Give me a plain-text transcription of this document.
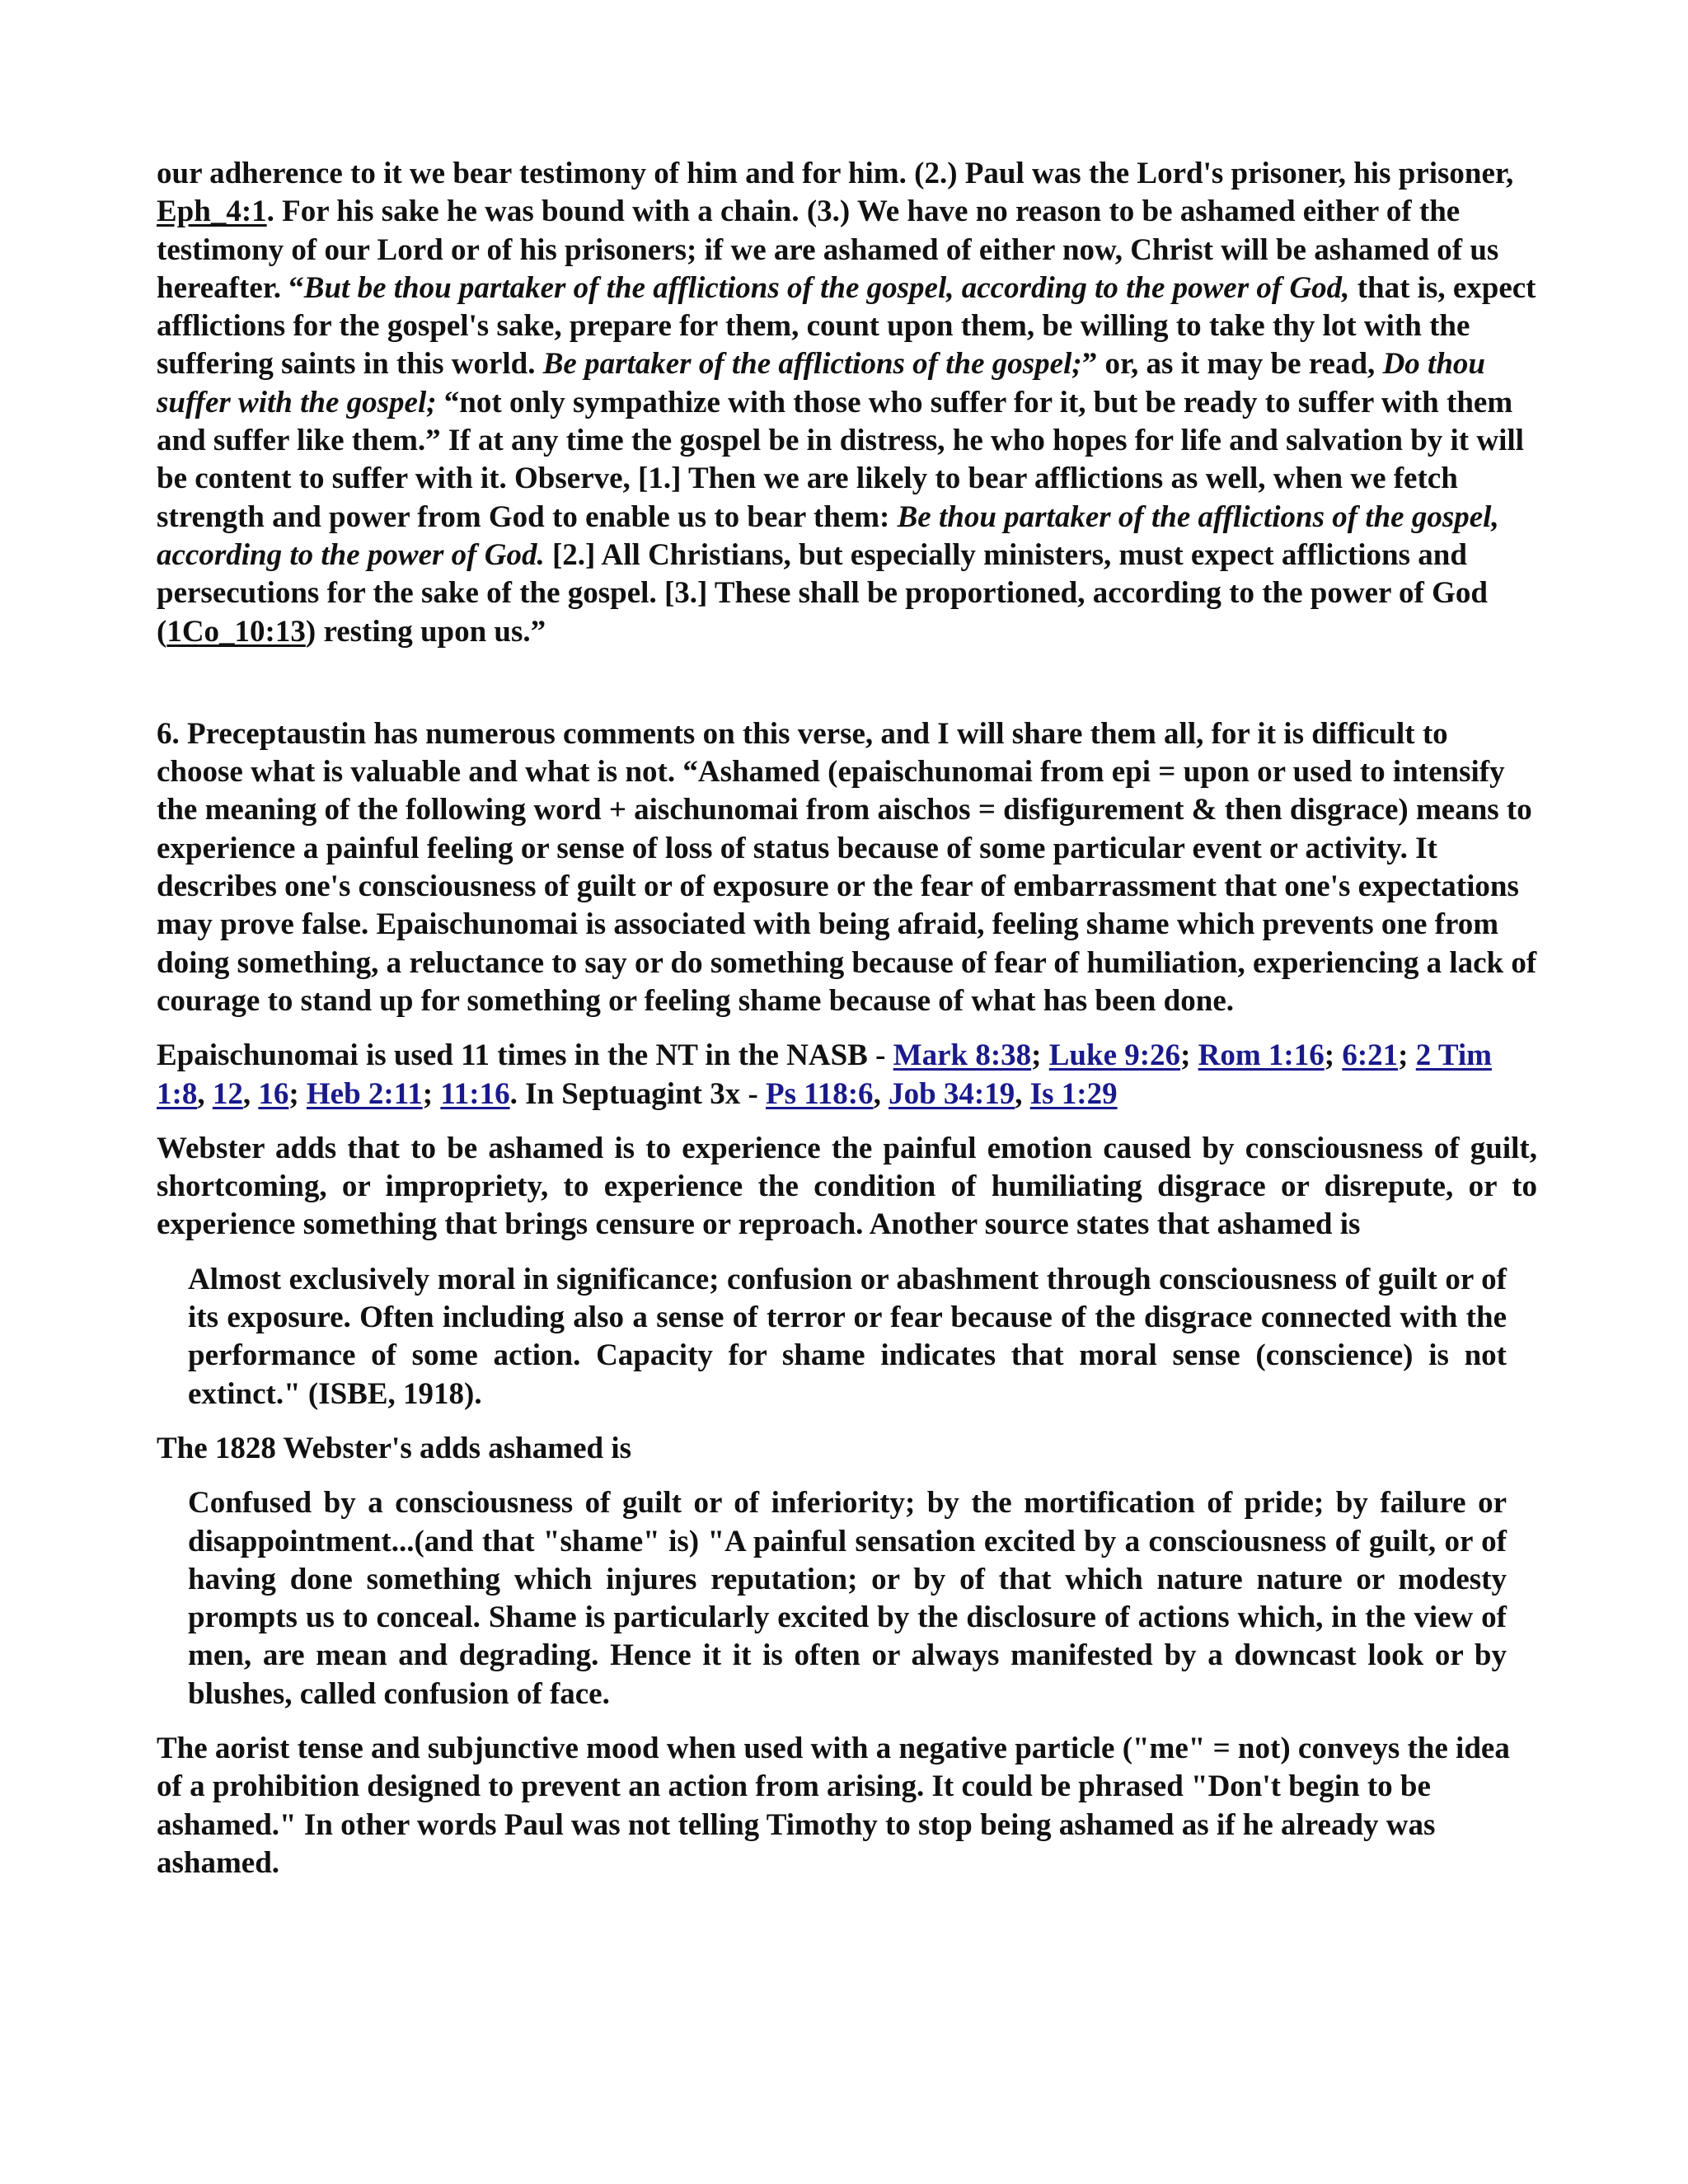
our adherence to it we bear testimony of him and for him. (2.) Paul was the Lord's prisoner, his prisoner, Eph_4:1. For his sake he was bound with a chain. (3.) We have no reason to be ashamed either of the testimony of our Lord or of his prisoners; if we are ashamed of either now, Christ will be ashamed of us hereafter. “But be thou partaker of the afflictions of the gospel, according to the power of God, that is, expect afflictions for the gospel's sake, prepare for them, count upon them, be willing to take thy lot with the suffering saints in this world. Be partaker of the afflictions of the gospel;” or, as it may be read, Do thou suffer with the gospel; “not only sympathize with those who suffer for it, but be ready to suffer with them and suffer like them.” If at any time the gospel be in distress, he who hopes for life and salvation by it will be content to suffer with it. Observe, [1.] Then we are likely to bear afflictions as well, when we fetch strength and power from God to enable us to bear them: Be thou partaker of the afflictions of the gospel, according to the power of God. [2.] All Christians, but especially ministers, must expect afflictions and persecutions for the sake of the gospel. [3.] These shall be proportioned, according to the power of God (1Co_10:13) resting upon us.”

6. Preceptaustin has numerous comments on this verse, and I will share them all, for it is difficult to choose what is valuable and what is not. “Ashamed (epaischunomai from epi = upon or used to intensify the meaning of the following word + aischunomai from aischos = disfigurement & then disgrace) means to experience a painful feeling or sense of loss of status because of some particular event or activity. It describes one's consciousness of guilt or of exposure or the fear of embarrassment that one's expectations may prove false. Epaischunomai is associated with being afraid, feeling shame which prevents one from doing something, a reluctance to say or do something because of fear of humiliation, experiencing a lack of courage to stand up for something or feeling shame because of what has been done.

Epaischunomai is used 11 times in the NT in the NASB - Mark 8:38; Luke 9:26; Rom 1:16; 6:21; 2 Tim 1:8, 12, 16; Heb 2:11; 11:16. In Septuagint 3x - Ps 118:6, Job 34:19, Is 1:29

Webster adds that to be ashamed is to experience the painful emotion caused by consciousness of guilt, shortcoming, or impropriety, to experience the condition of humiliating disgrace or disrepute, or to experience something that brings censure or reproach. Another source states that ashamed is

Almost exclusively moral in significance; confusion or abashment through consciousness of guilt or of its exposure. Often including also a sense of terror or fear because of the disgrace connected with the performance of some action. Capacity for shame indicates that moral sense (conscience) is not extinct." (ISBE, 1918).

The 1828 Webster's adds ashamed is

Confused by a consciousness of guilt or of inferiority; by the mortification of pride; by failure or disappointment...(and that "shame" is) "A painful sensation excited by a consciousness of guilt, or of having done something which injures reputation; or by of that which nature nature or modesty prompts us to conceal. Shame is particularly excited by the disclosure of actions which, in the view of men, are mean and degrading. Hence it it is often or always manifested by a downcast look or by blushes, called confusion of face.

The aorist tense and subjunctive mood when used with a negative particle ("me" = not) conveys the idea of a prohibition designed to prevent an action from arising. It could be phrased "Don't begin to be ashamed." In other words Paul was not telling Timothy to stop being ashamed as if he already was ashamed.
